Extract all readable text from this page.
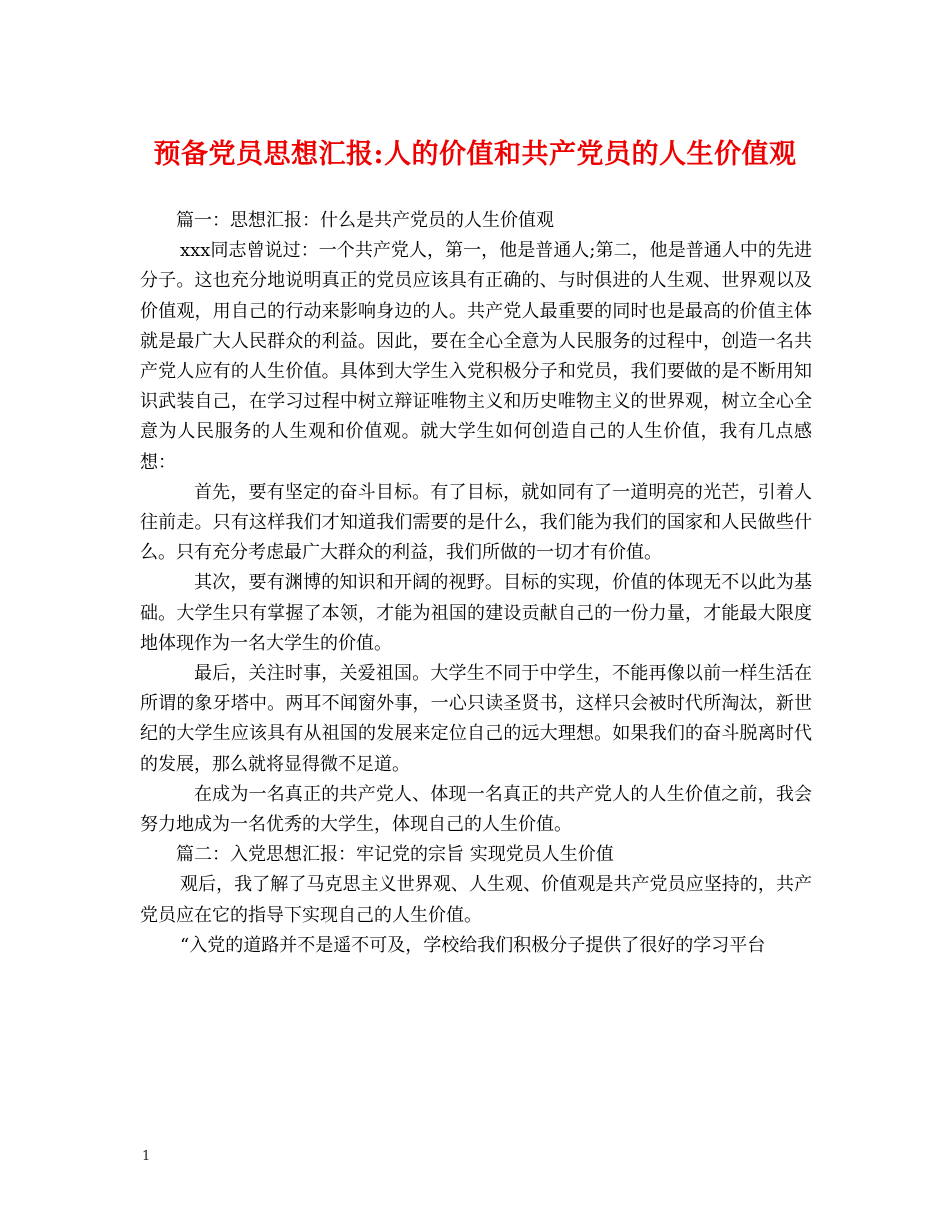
预备党员思想汇报:人的价值和共产党员的人生价值观

篇一：思想汇报：什么是共产党员的人生价值观

xxx同志曾说过：一个共产党人，第一，他是普通人;第二，他是普通人中的先进分子。这也充分地说明真正的党员应该具有正确的、与时俱进的人生观、世界观以及价值观，用自己的行动来影响身边的人。共产党人最重要的同时也是最高的价值主体就是最广大人民群众的利益。因此，要在全心全意为人民服务的过程中，创造一名共产党人应有的人生价值。具体到大学生入党积极分子和党员，我们要做的是不断用知识武装自己，在学习过程中树立辩证唯物主义和历史唯物主义的世界观，树立全心全意为人民服务的人生观和价值观。就大学生如何创造自己的人生价值，我有几点感想：

首先，要有坚定的奋斗目标。有了目标，就如同有了一道明亮的光芒，引着人往前走。只有这样我们才知道我们需要的是什么，我们能为我们的国家和人民做些什么。只有充分考虑最广大群众的利益，我们所做的一切才有价值。

其次，要有渊博的知识和开阔的视野。目标的实现，价值的体现无不以此为基础。大学生只有掌握了本领，才能为祖国的建设贡献自己的一份力量，才能最大限度地体现作为一名大学生的价值。

最后，关注时事，关爱祖国。大学生不同于中学生，不能再像以前一样生活在所谓的象牙塔中。两耳不闻窗外事，一心只读圣贤书，这样只会被时代所淘汰，新世纪的大学生应该具有从祖国的发展来定位自己的远大理想。如果我们的奋斗脱离时代的发展，那么就将显得微不足道。

在成为一名真正的共产党人、体现一名真正的共产党人的人生价值之前，我会努力地成为一名优秀的大学生，体现自己的人生价值。

篇二：入党思想汇报：牢记党的宗旨 实现党员人生价值

观后，我了解了马克思主义世界观、人生观、价值观是共产党员应坚持的，共产党员应在它的指导下实现自己的人生价值。

“入党的道路并不是遥不可及，学校给我们积极分子提供了很好的学习平台

1
